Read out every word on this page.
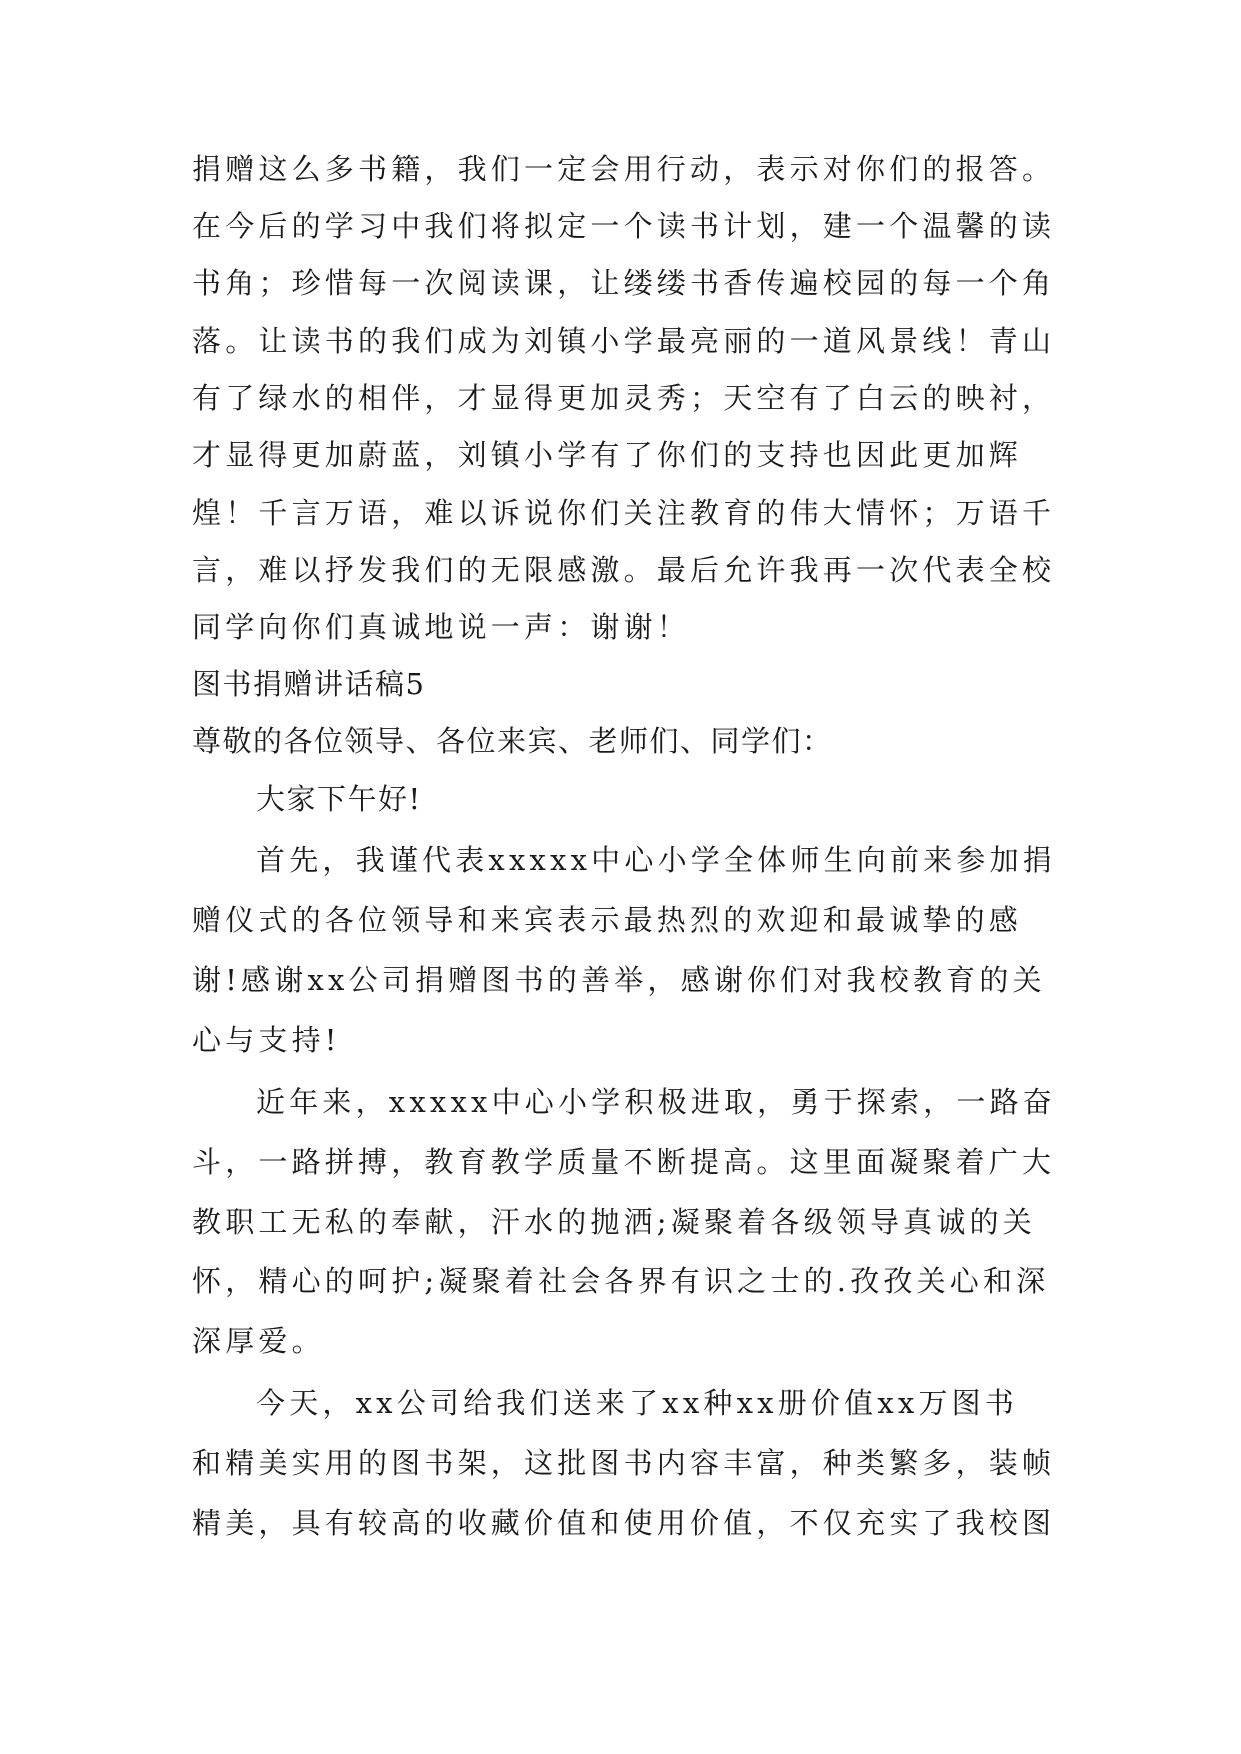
捐赠这么多书籍，我们一定会用行动，表示对你们的报答。
在今后的学习中我们将拟定一个读书计划，建一个温馨的读
书角；珍惜每一次阅读课，让缕缕书香传遍校园的每一个角
落。让读书的我们成为刘镇小学最亮丽的一道风景线！青山
有了绿水的相伴，才显得更加灵秀；天空有了白云的映衬，
才显得更加蔚蓝，刘镇小学有了你们的支持也因此更加辉
煌！千言万语，难以诉说你们关注教育的伟大情怀；万语千
言，难以抒发我们的无限感激。最后允许我再一次代表全校
同学向你们真诚地说一声：谢谢！
图书捐赠讲话稿5
尊敬的各位领导、各位来宾、老师们、同学们：
大家下午好!
首先，我谨代表xxxxx中心小学全体师生向前来参加捐
赠仪式的各位领导和来宾表示最热烈的欢迎和最诚挚的感
谢!感谢xx公司捐赠图书的善举，感谢你们对我校教育的关
心与支持!
近年来，xxxxx中心小学积极进取，勇于探索，一路奋
斗，一路拼搏，教育教学质量不断提高。这里面凝聚着广大
教职工无私的奉献，汗水的抛洒;凝聚着各级领导真诚的关
怀，精心的呵护;凝聚着社会各界有识之士的.孜孜关心和深
深厚爱。
今天，xx公司给我们送来了xx种xx册价值xx万图书
和精美实用的图书架，这批图书内容丰富，种类繁多，装帧
精美，具有较高的收藏价值和使用价值，不仅充实了我校图
